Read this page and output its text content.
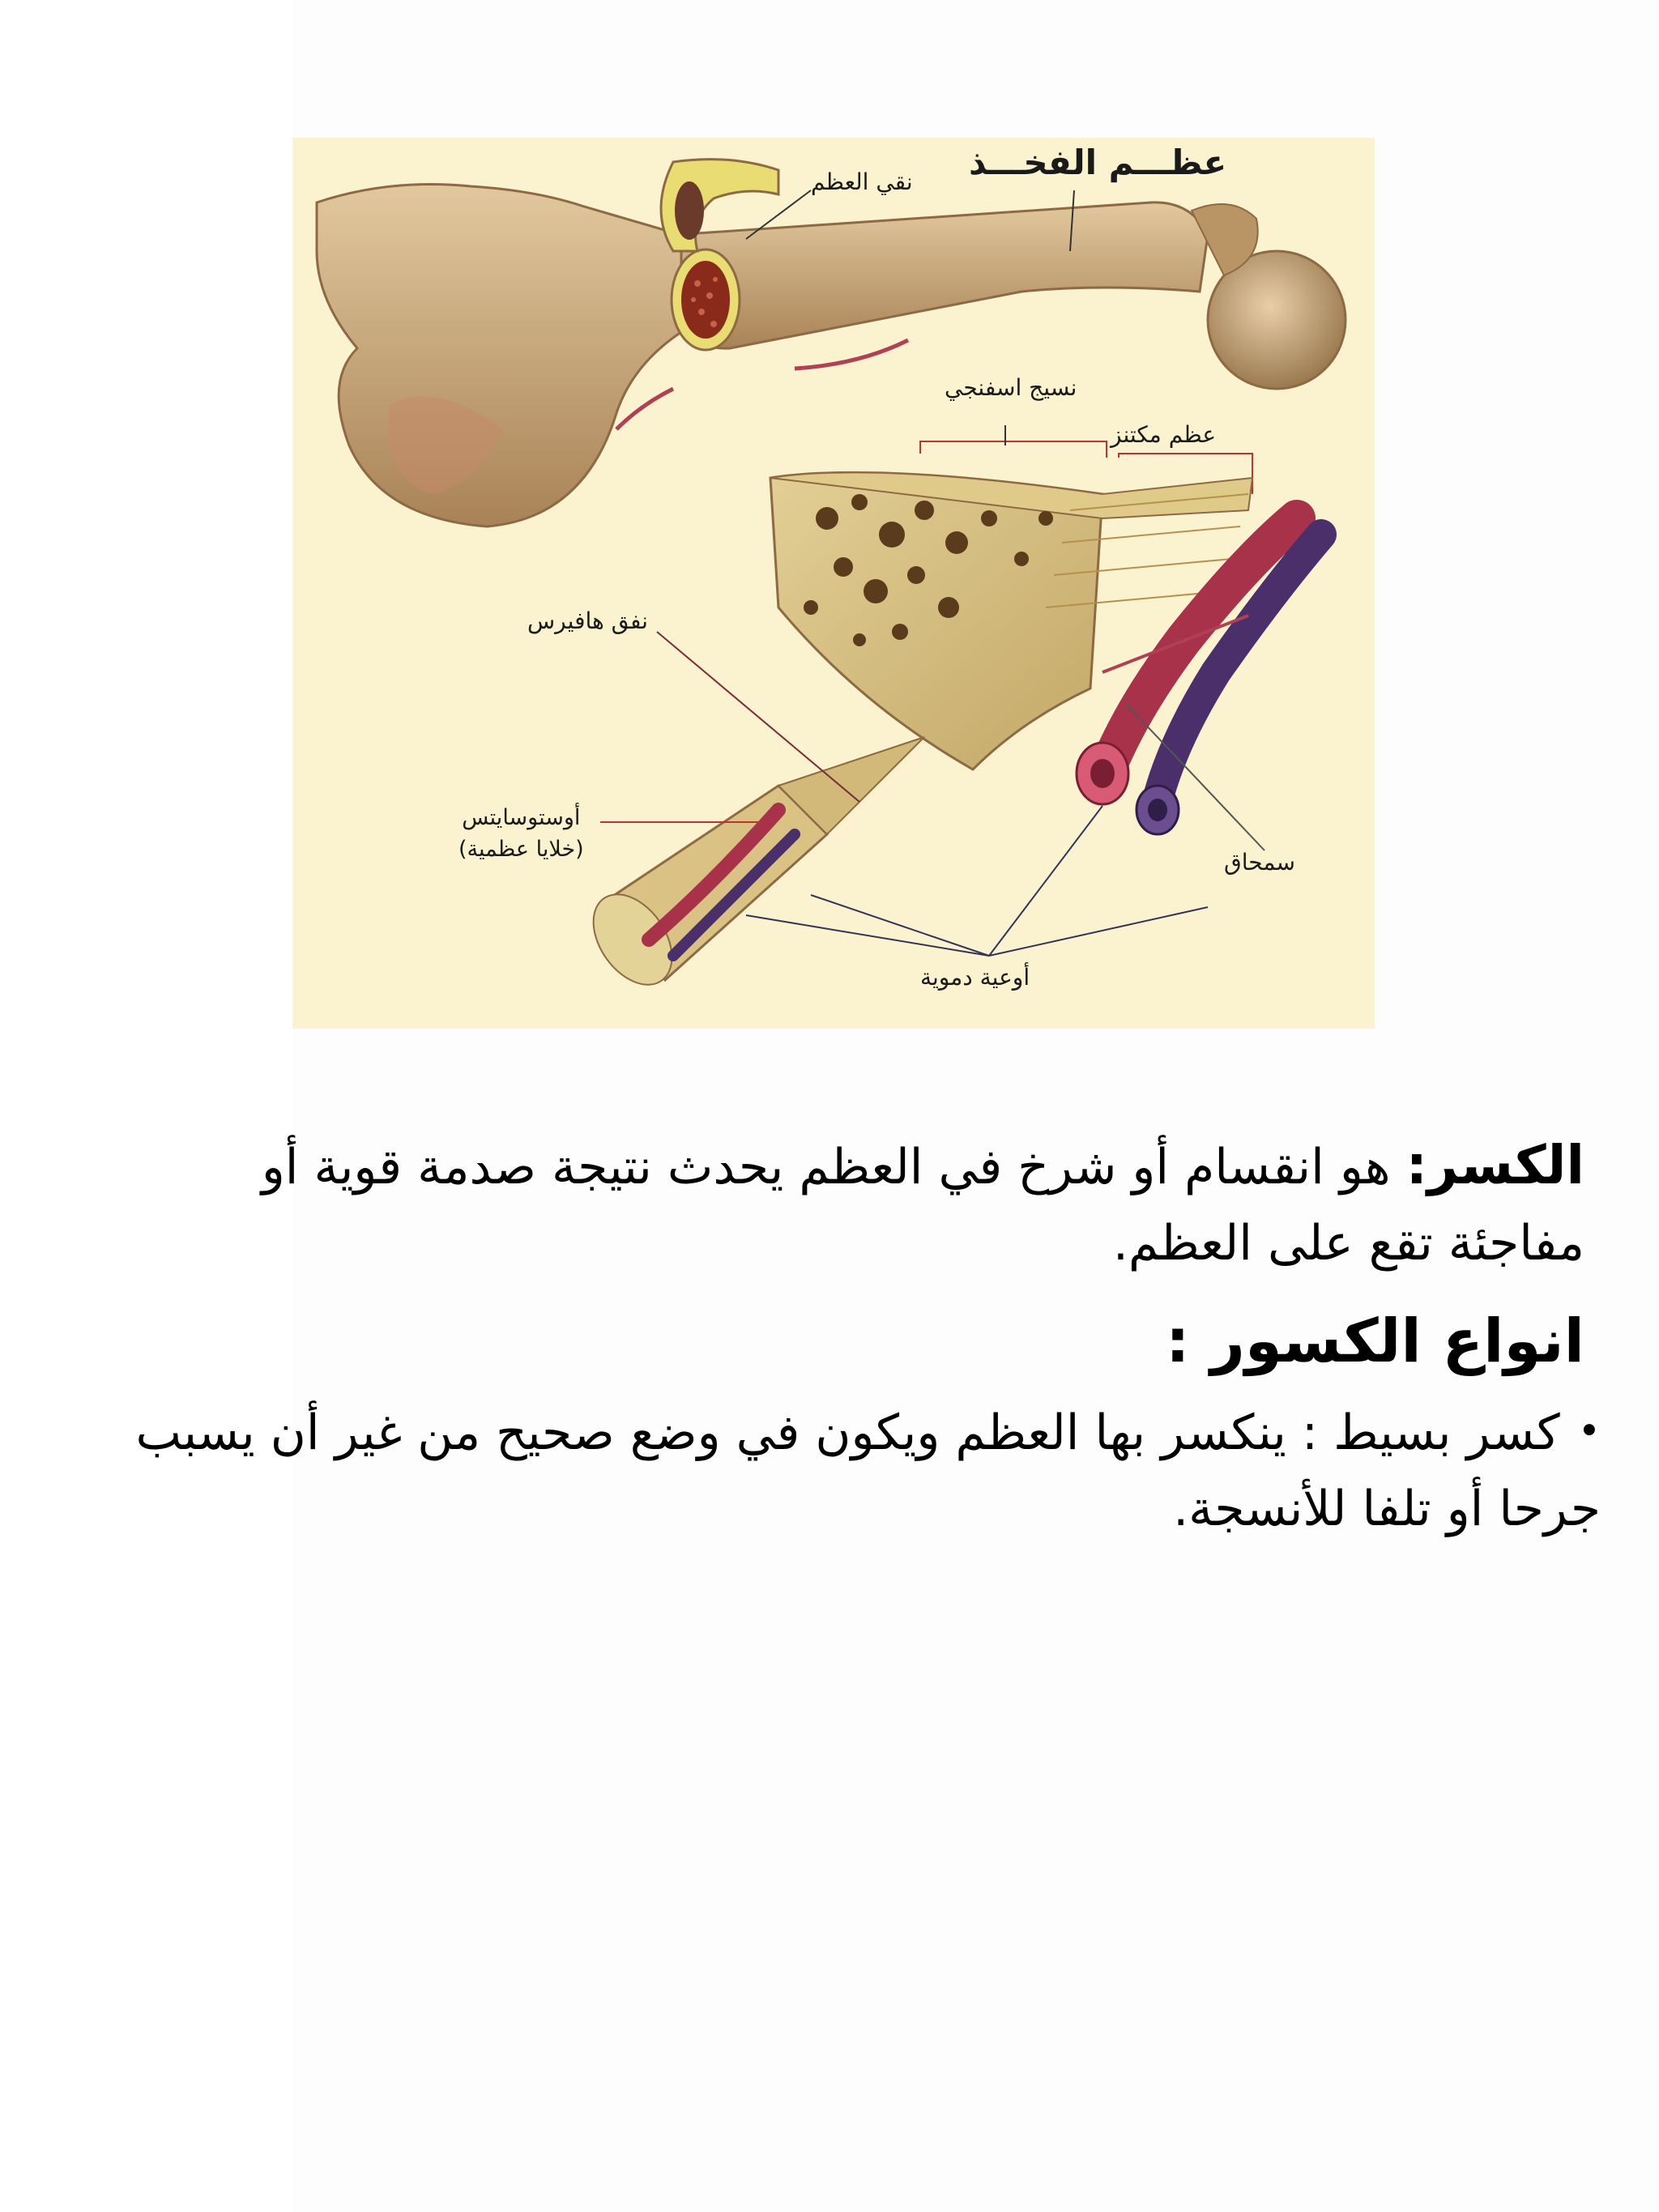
عظـــم الفخـــذ
نقي العظم
نسيج اسفنجي
عظم مكتنز
نفق هافيرس
أوستوسايتس
(خلايا عظمية)	سمحاق
أوعية دموية
الكسر: هو انقسام أو شرخ في العظم يحدث نتيجة صدمة قوية أو مفاجئة تقع على العظم.
انواع الكسور :
•كسر بسيط : ينكسر بها العظم ويكون في وضع صحيح من غير أن يسبب جرحا أو تلفا للأنسجة.
